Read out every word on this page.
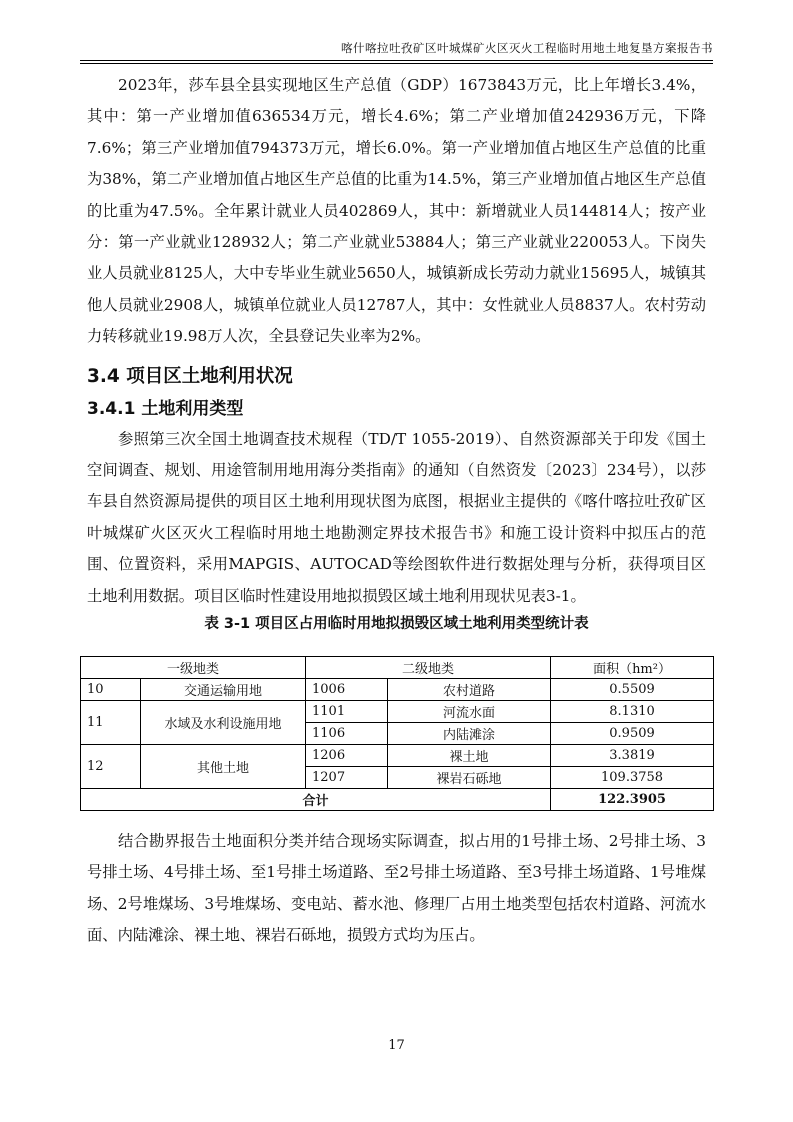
喀什喀拉吐孜矿区叶城煤矿火区灭火工程临时用地土地复垦方案报告书

2023年，莎车县全县实现地区生产总值（GDP）1673843万元，比上年增长3.4%，其中：第一产业增加值636534万元，增长4.6%；第二产业增加值242936万元，下降7.6%；第三产业增加值794373万元，增长6.0%。第一产业增加值占地区生产总值的比重为38%，第二产业增加值占地区生产总值的比重为14.5%，第三产业增加值占地区生产总值的比重为47.5%。全年累计就业人员402869人，其中：新增就业人员144814人；按产业分：第一产业就业128932人；第二产业就业53884人；第三产业就业220053人。下岗失业人员就业8125人，大中专毕业生就业5650人，城镇新成长劳动力就业15695人，城镇其他人员就业2908人，城镇单位就业人员12787人，其中：女性就业人员8837人。农村劳动力转移就业19.98万人次，全县登记失业率为2%。

3.4 项目区土地利用状况
3.4.1 土地利用类型

参照第三次全国土地调查技术规程（TD/T 1055-2019）、自然资源部关于印发《国土空间调查、规划、用途管制用地用海分类指南》的通知（自然资发〔2023〕234号），以莎车县自然资源局提供的项目区土地利用现状图为底图，根据业主提供的《喀什喀拉吐孜矿区叶城煤矿火区灭火工程临时用地土地勘测定界技术报告书》和施工设计资料中拟压占的范围、位置资料，采用MAPGIS、AUTOCAD等绘图软件进行数据处理与分析，获得项目区土地利用数据。项目区临时性建设用地拟损毁区域土地利用现状见表3-1。

表 3-1 项目区占用临时用地拟损毁区域土地利用类型统计表
一级地类		二级地类		面积（hm²）
10	交通运输用地	1006	农村道路	0.5509
11	水域及水利设施用地	1101	河流水面	8.1310
		1106	内陆滩涂	0.9509
12	其他土地	1206	裸土地	3.3819
		1207	裸岩石砾地	109.3758
合计				122.3905

结合勘界报告土地面积分类并结合现场实际调查，拟占用的1号排土场、2号排土场、3号排土场、4号排土场、至1号排土场道路、至2号排土场道路、至3号排土场道路、1号堆煤场、2号堆煤场、3号堆煤场、变电站、蓄水池、修理厂占用土地类型包括农村道路、河流水面、内陆滩涂、裸土地、裸岩石砾地，损毁方式均为压占。

17
